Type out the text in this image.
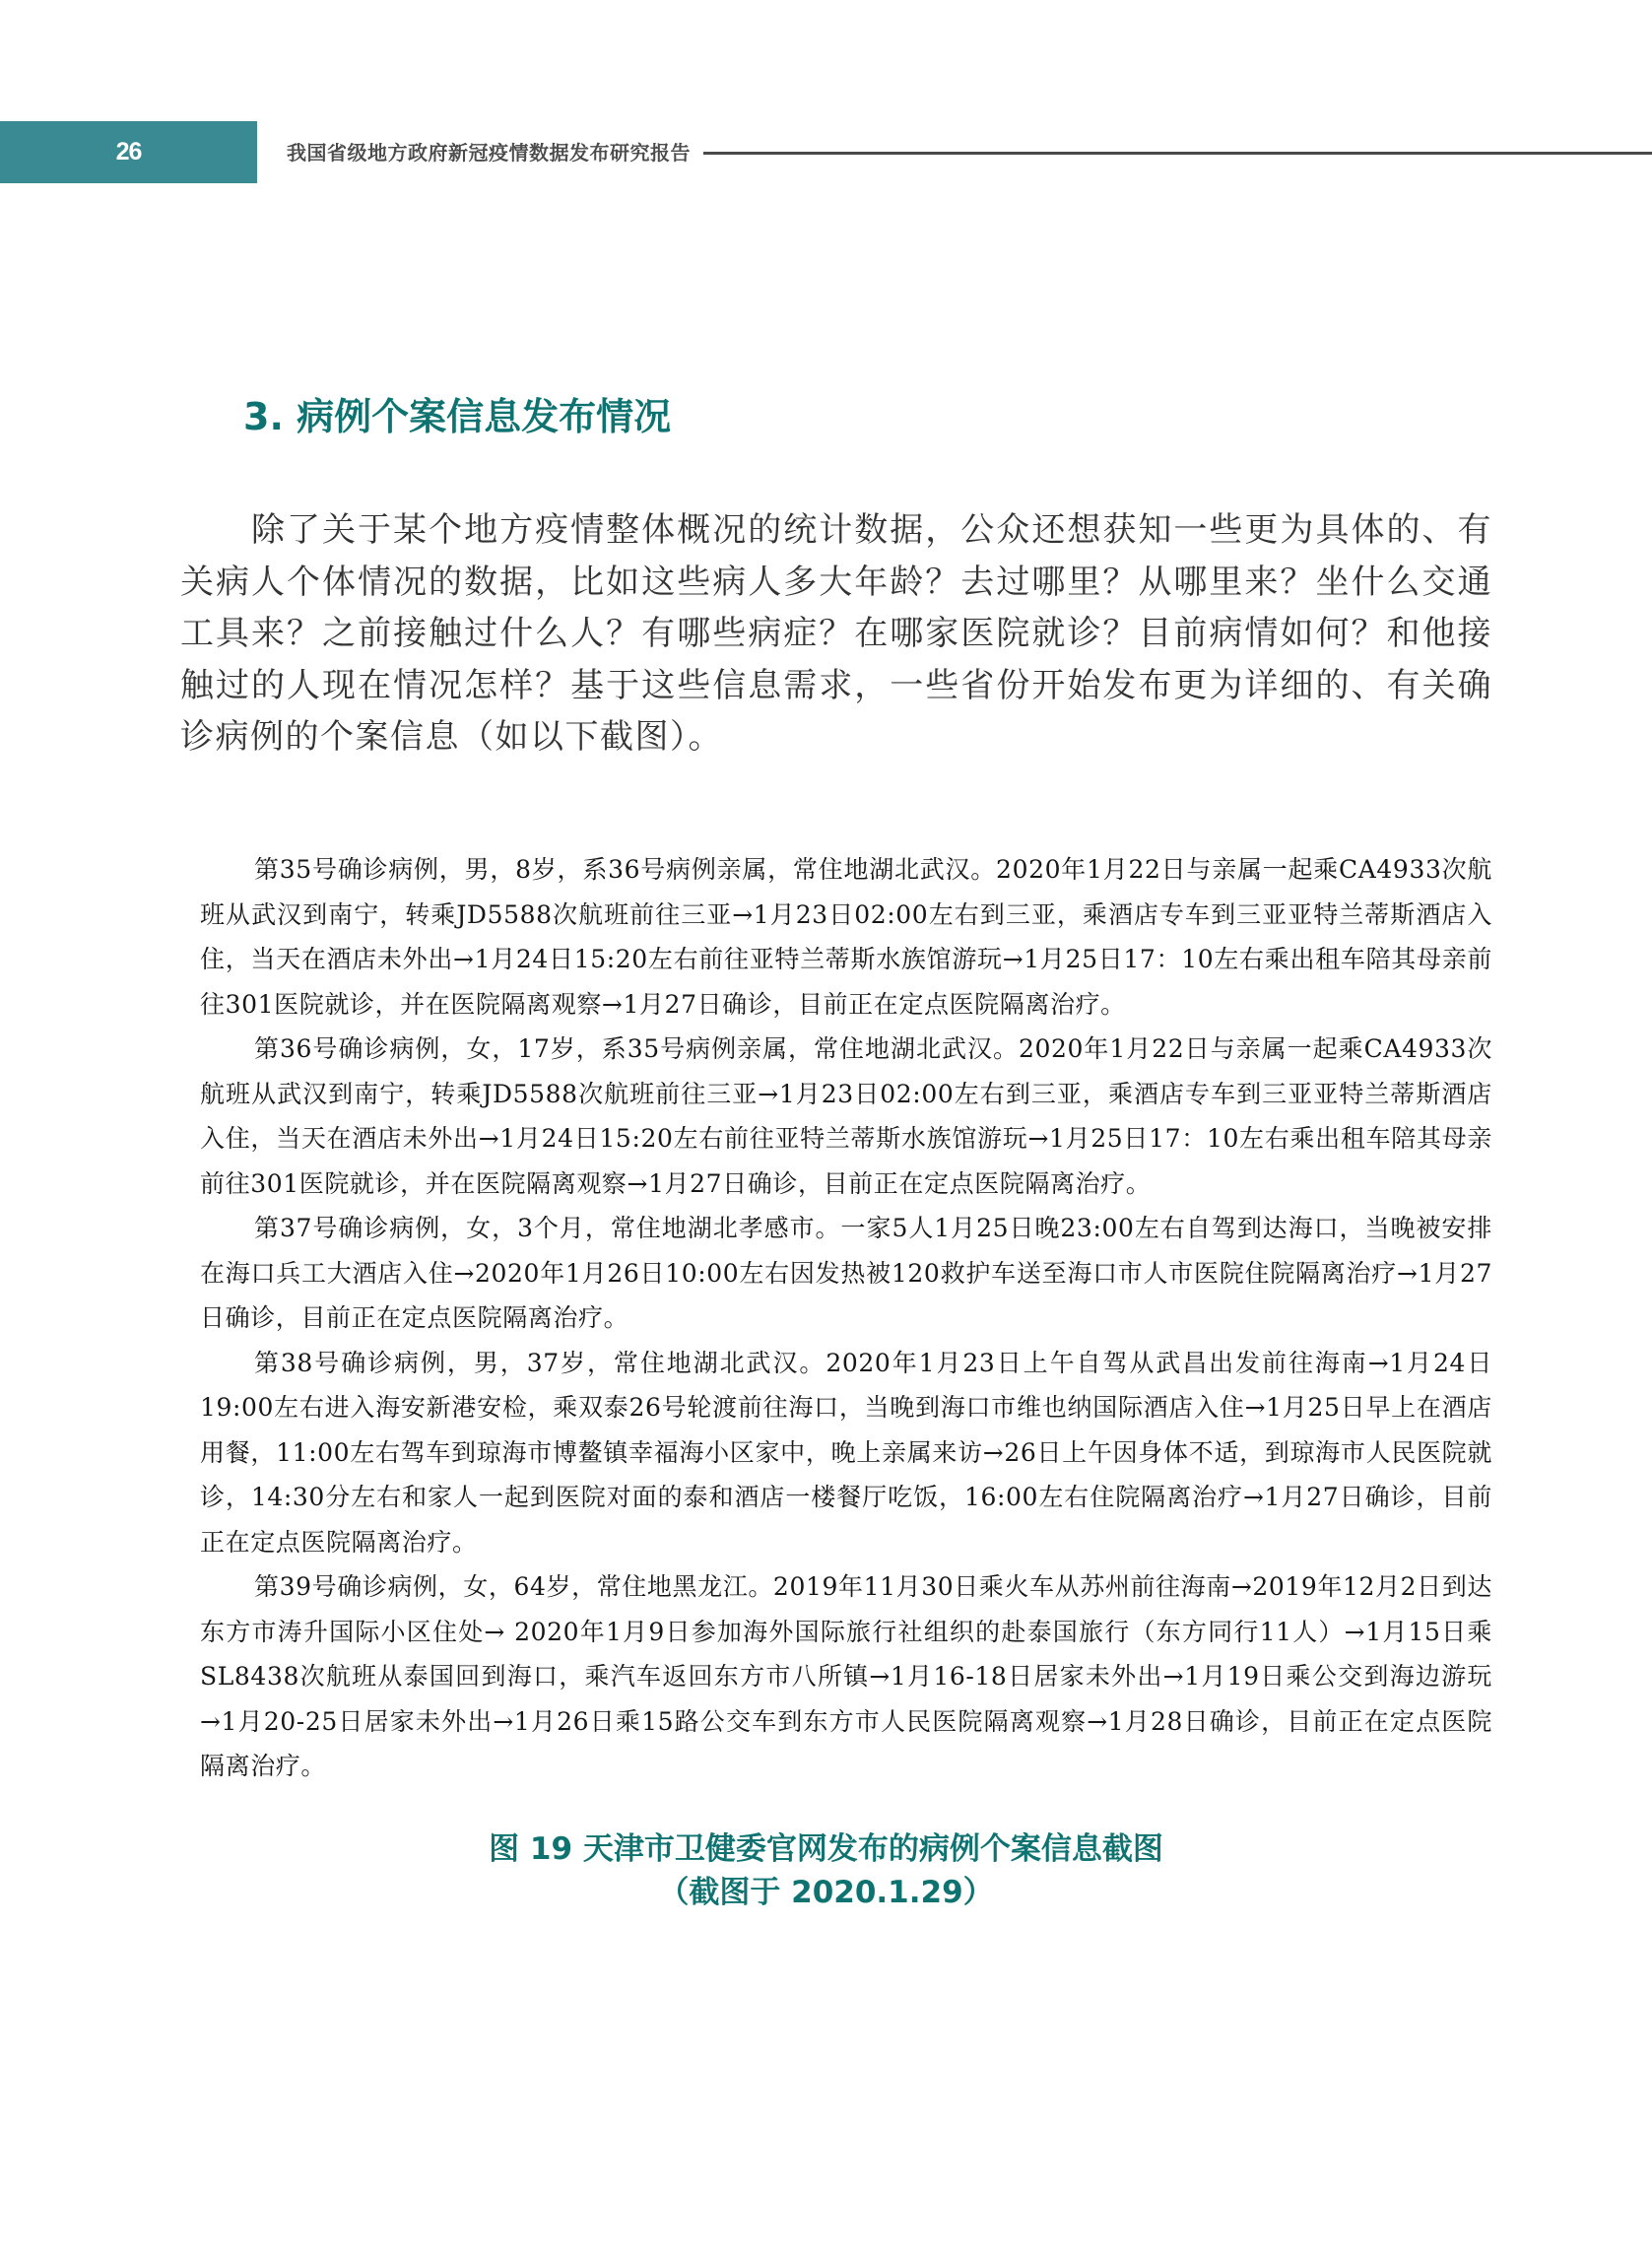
26	我国省级地方政府新冠疫情数据发布研究报告
3. 病例个案信息发布情况

除了关于某个地方疫情整体概况的统计数据，公众还想获知一些更为具体的、有关病人个体情况的数据，比如这些病人多大年龄？去过哪里？从哪里来？坐什么交通工具来？之前接触过什么人？有哪些病症？在哪家医院就诊？目前病情如何？和他接触过的人现在情况怎样？基于这些信息需求，一些省份开始发布更为详细的、有关确诊病例的个案信息（如以下截图）。

第35号确诊病例，男，8岁，系36号病例亲属，常住地湖北武汉。2020年1月22日与亲属一起乘CA4933次航班从武汉到南宁，转乘JD5588次航班前往三亚→1月23日02:00左右到三亚，乘酒店专车到三亚亚特兰蒂斯酒店入住，当天在酒店未外出→1月24日15:20左右前往亚特兰蒂斯水族馆游玩→1月25日17：10左右乘出租车陪其母亲前往301医院就诊，并在医院隔离观察→1月27日确诊，目前正在定点医院隔离治疗。

第36号确诊病例，女，17岁，系35号病例亲属，常住地湖北武汉。2020年1月22日与亲属一起乘CA4933次航班从武汉到南宁，转乘JD5588次航班前往三亚→1月23日02:00左右到三亚，乘酒店专车到三亚亚特兰蒂斯酒店入住，当天在酒店未外出→1月24日15:20左右前往亚特兰蒂斯水族馆游玩→1月25日17：10左右乘出租车陪其母亲前往301医院就诊，并在医院隔离观察→1月27日确诊，目前正在定点医院隔离治疗。

第37号确诊病例，女，3个月，常住地湖北孝感市。一家5人1月25日晚23:00左右自驾到达海口，当晚被安排在海口兵工大酒店入住→2020年1月26日10:00左右因发热被120救护车送至海口市人市医院住院隔离治疗→1月27日确诊，目前正在定点医院隔离治疗。

第38号确诊病例，男，37岁，常住地湖北武汉。2020年1月23日上午自驾从武昌出发前往海南→1月24日19:00左右进入海安新港安检，乘双泰26号轮渡前往海口，当晚到海口市维也纳国际酒店入住→1月25日早上在酒店用餐，11:00左右驾车到琼海市博鳌镇幸福海小区家中，晚上亲属来访→26日上午因身体不适，到琼海市人民医院就诊，14:30分左右和家人一起到医院对面的泰和酒店一楼餐厅吃饭，16:00左右住院隔离治疗→1月27日确诊，目前正在定点医院隔离治疗。

第39号确诊病例，女，64岁，常住地黑龙江。2019年11月30日乘火车从苏州前往海南→2019年12月2日到达东方市涛升国际小区住处→ 2020年1月9日参加海外国际旅行社组织的赴泰国旅行（东方同行11人）→1月15日乘SL8438次航班从泰国回到海口，乘汽车返回东方市八所镇→1月16-18日居家未外出→1月19日乘公交到海边游玩→1月20-25日居家未外出→1月26日乘15路公交车到东方市人民医院隔离观察→1月28日确诊，目前正在定点医院隔离治疗。

图 19 天津市卫健委官网发布的病例个案信息截图
（截图于 2020.1.29）
